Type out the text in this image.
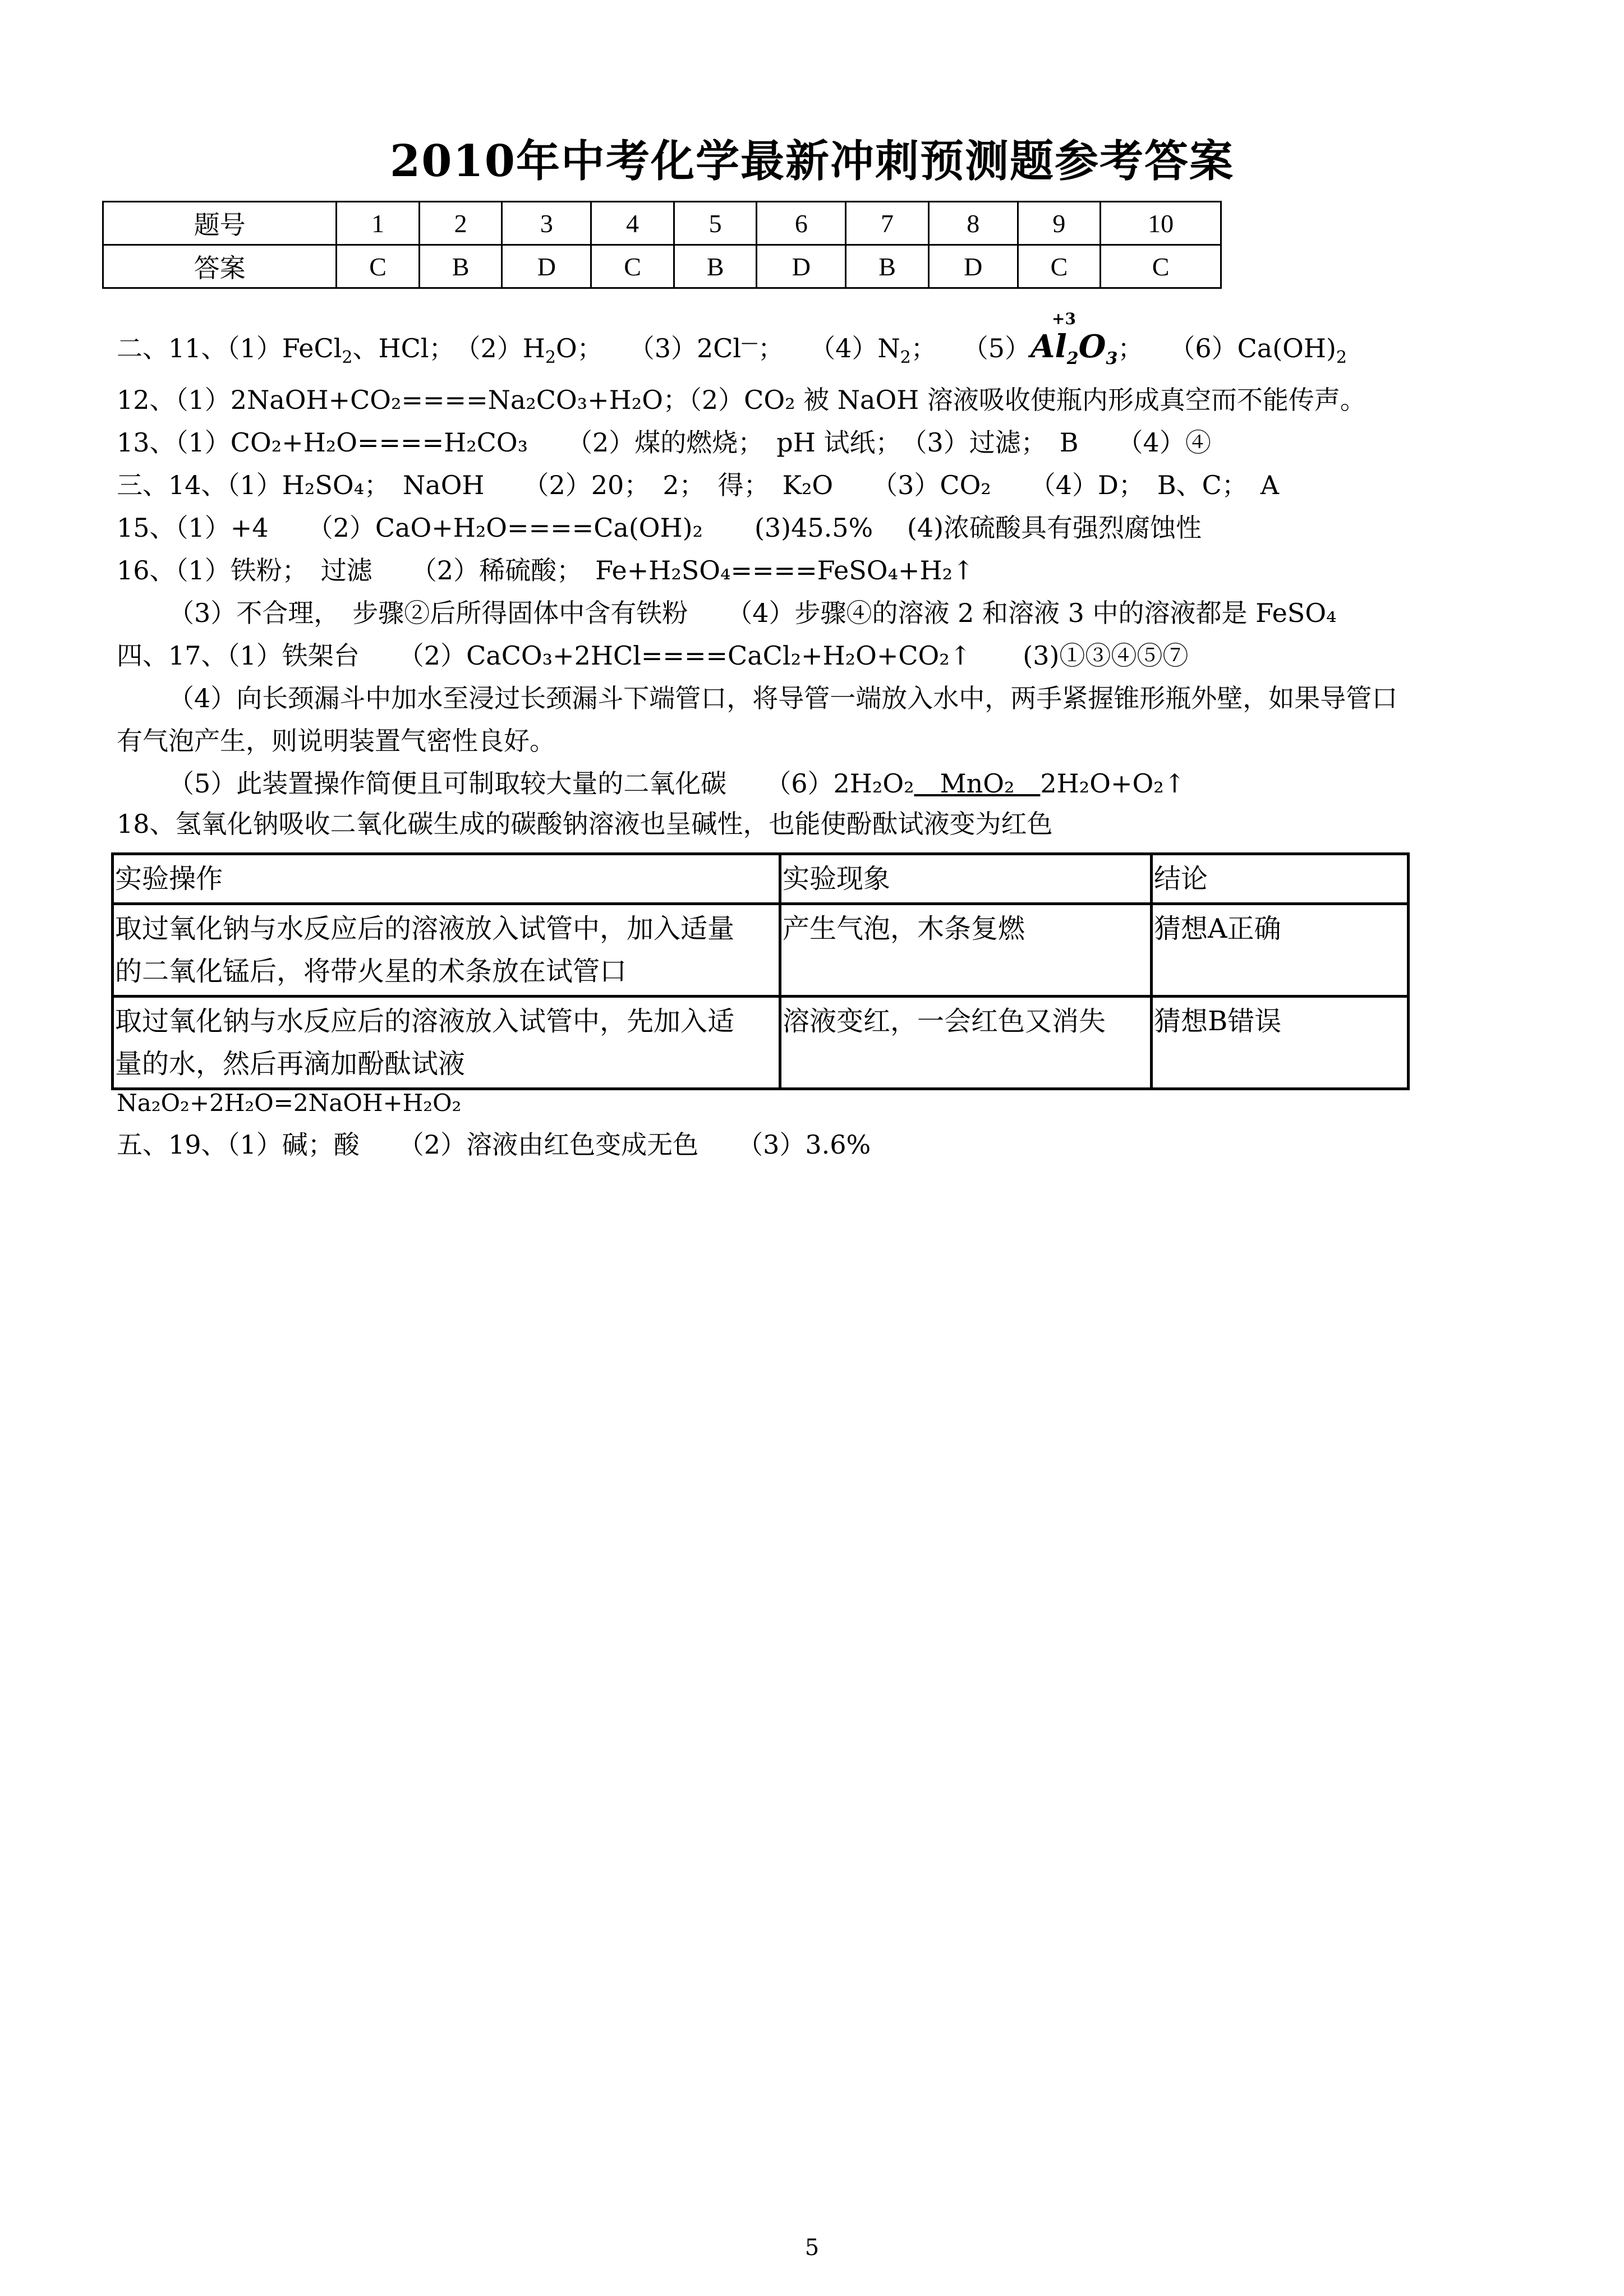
2010年中考化学最新冲刺预测题参考答案
题号	1	2	3	4	5	6	7	8	9	10
答案	C	B	D	C	B	D	B	D	C	C
二、11、（1）FeCl$_2$、HCl；　 $(2)H_2O$；　　 （3）2Cl—；　　 $(4)N_2$；　　 （5）
+3
$Al_2O_3$；　　 $(6)Ca(OH)_2$
12、（1）2NaOH+CO₂====Na₂CO₃+H₂O；（2）CO₂ 被 NaOH 溶液吸收使瓶内形成真空而不能传声。
13、（1）CO₂+H₂O====H₂CO₃　　（2）煤的燃烧；　pH 试纸；　（3）过滤；　B　　（4）④
三、14、（1）H₂SO₄；　NaOH　　（2）20；　2；　得；　K₂O　　（3）CO₂　　（4）D；　B、C；　A
15、（1）+4　　（2）CaO+H₂O====Ca(OH)₂　　(3)45.5%　 (4)浓硫酸具有强烈腐蚀性
16、（1）铁粉；　过滤　　（2）稀硫酸；　Fe+H₂SO₄====FeSO₄+H₂↑
（3）不合理，　步骤②后所得固体中含有铁粉　　（4）步骤④的溶液 2 和溶液 3 中的溶液都是 FeSO₄
四、17、（1）铁架台　　（2）CaCO₃+2HCl====CaCl₂+H₂O+CO₂↑　　(3)①③④⑤⑦
（4）向长颈漏斗中加水至浸过长颈漏斗下端管口，将导管一端放入水中，两手紧握锥形瓶外壁，如果导管口
有气泡产生，则说明装置气密性良好。
（5）此装置操作简便且可制取较大量的二氧化碳　　（6）2H₂O₂　MnO₂　2H₂O+O₂↑
18、氢氧化钠吸收二氧化碳生成的碳酸钠溶液也呈碱性，也能使酚酞试液变为红色
实验操作	实验现象	结论
取过氧化钠与水反应后的溶液放入试管中，加入适量
的二氧化锰后，将带火星的术条放在试管口	产生气泡，木条复燃	猜想A正确
取过氧化钠与水反应后的溶液放入试管中，先加入适
量的水，然后再滴加酚酞试液	溶液变红，一会红色又消失	猜想B错误
Na₂O₂+2H₂O=2NaOH+H₂O₂
五、19、（1）碱；酸　　（2）溶液由红色变成无色　　（3）3.6%
5
